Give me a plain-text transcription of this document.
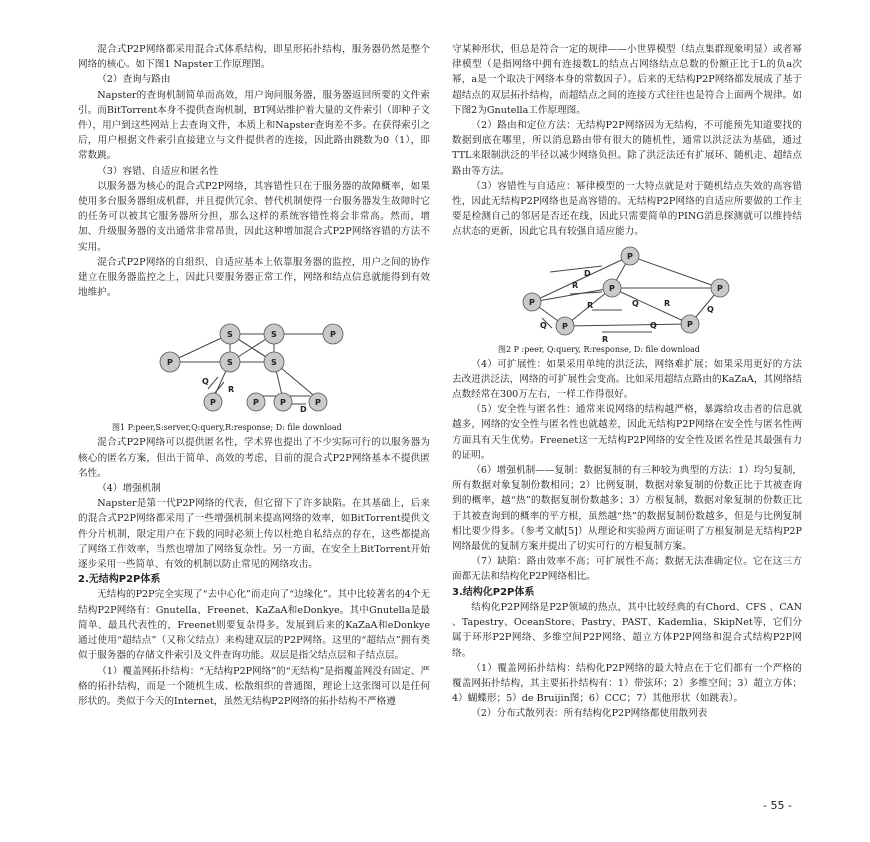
混合式P2P网络都采用混合式体系结构，即星形拓扑结构，服务器仍然是整个网络的核心。如下图1 Napster工作原理图。

（2）查询与路由

Napster的查询机制简单而高效，用户询问服务器，服务器返回所要的文件索引。而BitTorrent本身不提供查询机制，BT网站维护着大量的文件索引（即种子文件），用户到这些网站上去查询文件，本质上和Napster查询差不多。在获得索引之后，用户根据文件索引直接建立与文件提供者的连接，因此路由跳数为0（1），即常数跳。

（3）容错、自适应和匿名性

以服务器为核心的混合式P2P网络，其容错性只在于服务器的故障概率，如果使用多台服务器组成机群，并且提供冗余、替代机制使得一台服务器发生故障时它的任务可以被其它服务器所分担，那么这样的系统容错性将会非常高。然而，增加、升级服务器的支出通常非常昂贵，因此这种增加混合式P2P网络容错的方法不实用。

混合式P2P网络的自组织、自适应基本上依靠服务器的监控，用户之间的协作建立在服务器监控之上，因此只要服务器正常工作，网络和结点信息就能得到有效地维护。

S	S	P
P	S	S
P	P	P	P
Q
R
D

图1 P:peer,S:server,Q:query,R:response; D: file download

混合式P2P网络可以提供匿名性，学术界也提出了不少实际可行的以服务器为核心的匿名方案，但出于简单、高效的考虑，目前的混合式P2P网络基本不提供匿名性。

（4）增强机制

Napster是第一代P2P网络的代表，但它留下了许多缺陷。在其基础上，后来的混合式P2P网络都采用了一些增强机制来提高网络的效率，如BitTorrent提供文件分片机制，限定用户在下载的同时必须上传以杜绝自私结点的存在，这些都提高了网络工作效率，当然也增加了网络复杂性。另一方面，在安全上BitTorrent开始逐步采用一些简单、有效的机制以防止常见的网络攻击。

2.无结构P2P体系

无结构的P2P完全实现了“去中心化”而走向了“边缘化”。其中比较著名的4个无结构P2P网络有：Gnutella、Freenet、KaZaA和eDonkye。其中Gnutella是最简单、最具代表性的，Freenet则要复杂得多。发展到后来的KaZaA和eDonkye通过使用“超结点”（又称父结点）来构建双层的P2P网络。这里的“超结点”拥有类似于服务器的存储文件索引及文件查询功能。双层是指父结点层和子结点层。

（1）覆盖网拓扑结构：“无结构P2P网络”的“无结构”是指覆盖网没有固定、严格的拓扑结构，而是一个随机生成、松散组织的普通图，理论上这张图可以是任何形状的。类似于今天的Internet，虽然无结构P2P网络的拓扑结构不严格遵

守某种形状，但总是符合一定的规律——小世界模型（结点集群现象明显）或者幂律模型（是指网络中拥有连接数L的结点占网络结点总数的份额正比于L的负a次幂，a是一个取决于网络本身的常数因子）。后来的无结构P2P网络都发展成了基于超结点的双层拓扑结构，而超结点之间的连接方式往往也是符合上面两个规律。如下图2为Gnutella工作原理图。

（2）路由和定位方法：无结构P2P网络因为无结构，不可能预先知道要找的数据到底在哪里，所以消息路由带有很大的随机性，通常以洪泛法为基础，通过TTL来限制洪泛的半径以减少网络负担。除了洪泛法还有扩展环、随机走、超结点路由等方法。

（3）容错性与自适应：幂律模型的一大特点就是对于随机结点失效的高容错性，因此无结构P2P网络也是高容错的。无结构P2P网络的自适应所要做的工作主要是检测自己的邻居是否还在线，因此只需要简单的PING消息探测就可以维持结点状态的更新，因此它具有较强自适应能力。

P
P
P	P
P	P
D
R
Q
R	Q
Q
R
R
Q

图2 P :peer, Q:query, R:response, D: file download

（4）可扩展性：如果采用单纯的洪泛法，网络难扩展；如果采用更好的方法去改进洪泛法，网络的可扩展性会变高。比如采用超结点路由的KaZaA，其网络结点数经常在300万左右，一样工作得很好。

（5）安全性与匿名性：通常来说网络的结构越严格，暴露给攻击者的信息就越多，网络的安全性与匿名性也就越差，因此无结构P2P网络在安全性与匿名性两方面具有天生优势。Freenet这一无结构P2P网络的安全性及匿名性是其最强有力的证明。

（6）增强机制——复制：数据复制的有三种较为典型的方法：1）均匀复制，所有数据对象复制份数相同；2）比例复制，数据对象复制的份数正比于其被查询到的概率，越“热”的数据复制份数越多；3）方根复制，数据对象复制的份数正比于其被查询到的概率的平方根，虽然越“热”的数据复制份数越多，但是与比例复制相比要少得多。（参考文献[5]）从理论和实验两方面证明了方根复制是无结构P2P网络最优的复制方案并提出了切实可行的方根复制方案。

（7）缺陷：路由效率不高；可扩展性不高；数据无法准确定位。它在这三方面都无法和结构化P2P网络相比。

3.结构化P2P体系

结构化P2P网络是P2P领域的热点，其中比较经典的有Chord、CFS 、CAN 、Tapestry、OceanStore、Pastry、PAST、Kademlia、SkipNet等，它们分属于环形P2P网络、多维空间P2P网络、超立方体P2P网络和混合式结构P2P网络。

（1）覆盖网拓扑结构：结构化P2P网络的最大特点在于它们都有一个严格的覆盖网拓扑结构，其主要拓扑结构有：1）带弦环；2）多维空间；3）超立方体；4）蝴蝶形；5）de Bruijin图；6）CCC；7）其他形状（如跳表）。

（2）分布式散列表：所有结构化P2P网络都使用散列表

- 55 -
